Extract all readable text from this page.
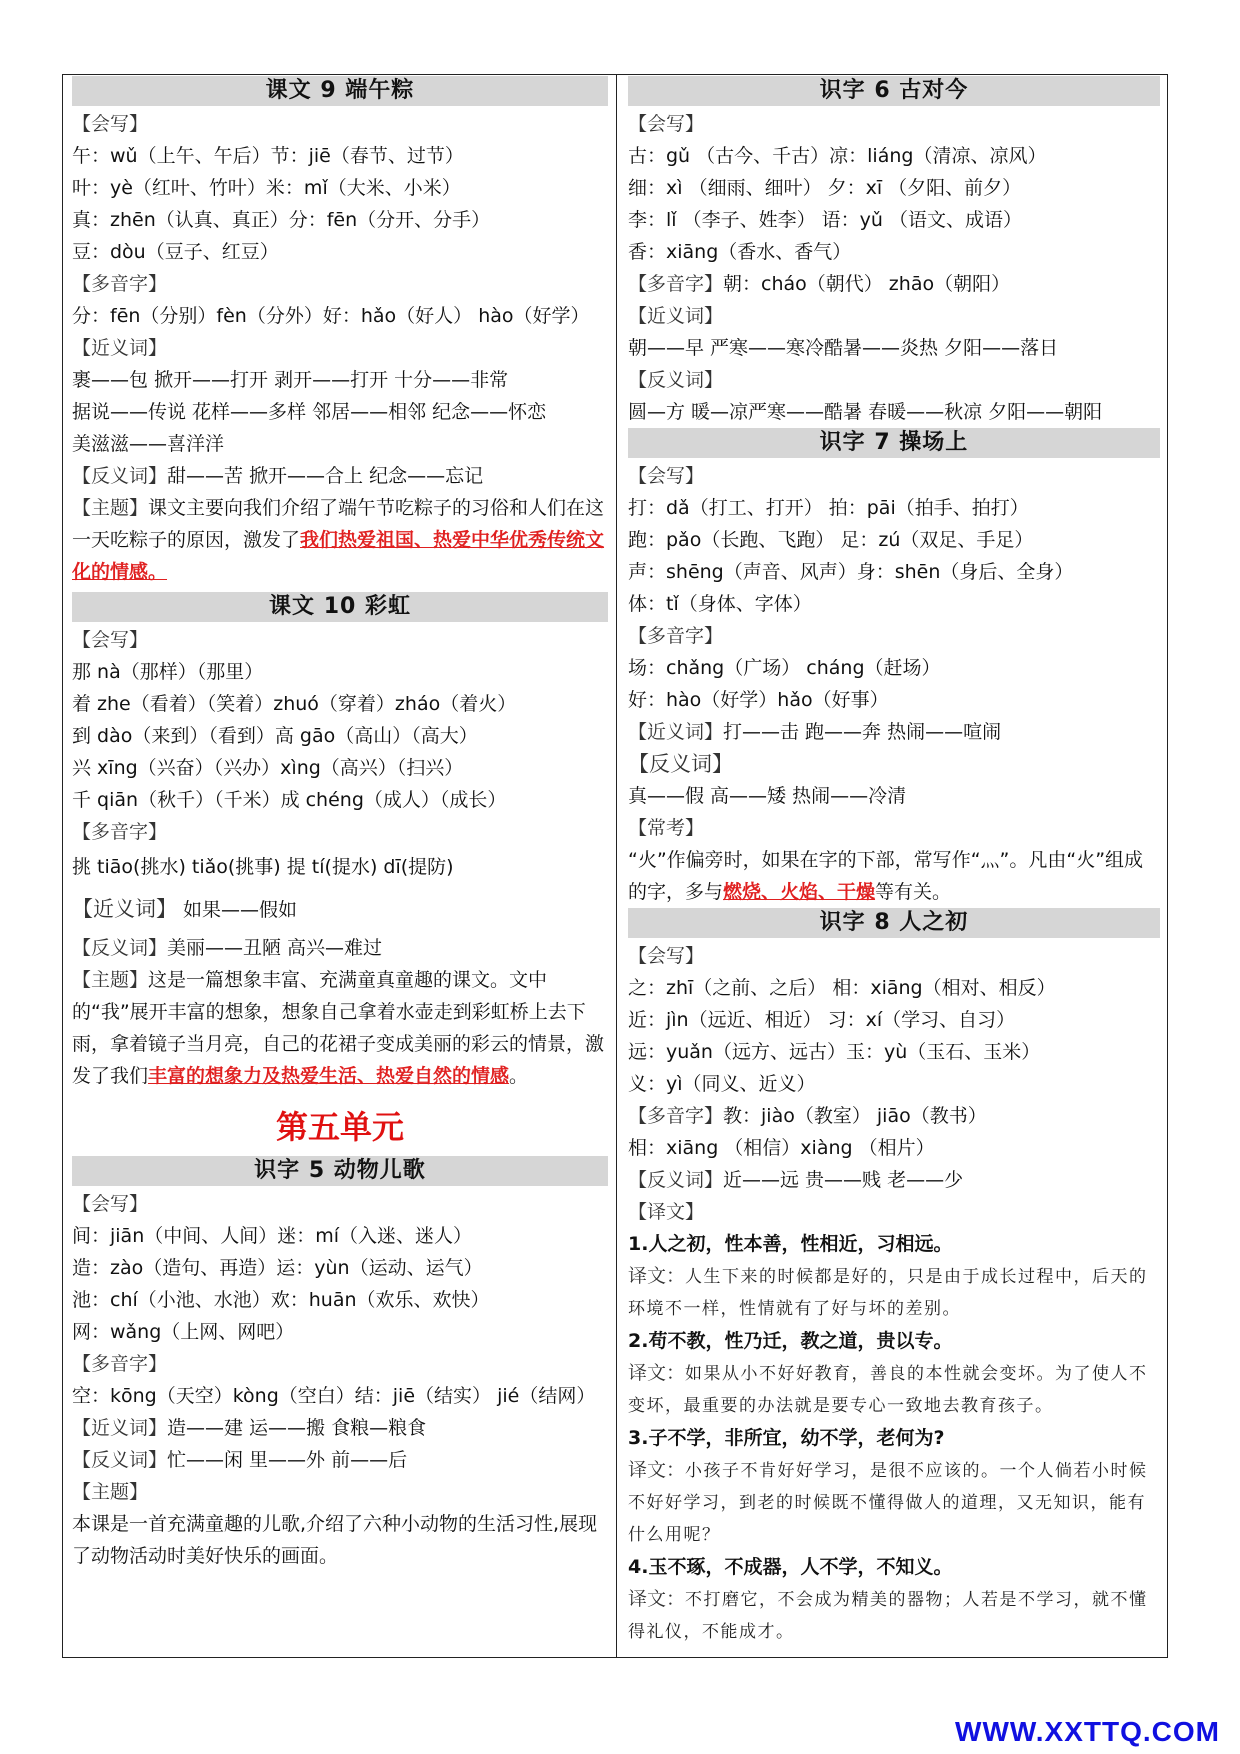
课文 9 端午粽
【会写】
午：wǔ（上午、午后）节：jiē（春节、过节）
叶：yè（红叶、竹叶）米：mǐ（大米、小米）
真：zhēn（认真、真正）分：fēn（分开、分手）
豆：dòu（豆子、红豆）
【多音字】
分：fēn（分别）fèn（分外）好：hǎo（好人） hào（好学）
【近义词】
裹——包 掀开——打开 剥开——打开 十分——非常
据说——传说 花样——多样 邻居——相邻 纪念——怀恋
美滋滋——喜洋洋
【反义词】甜——苦 掀开——合上 纪念——忘记
【主题】课文主要向我们介绍了端午节吃粽子的习俗和人们在这一天吃粽子的原因，激发了我们热爱祖国、热爱中华优秀传统文化的情感。
课文 10 彩虹
【会写】
那 nà（那样）（那里）
着 zhe（看着）（笑着）zhuó（穿着）zháo（着火）
到 dào（来到）（看到）高 gāo（高山）（高大）
兴 xīng（兴奋）（兴办）xìng（高兴）（扫兴）
千 qiān（秋千）（千米）成 chéng（成人）（成长）
【多音字】
挑 tiāo(挑水) tiǎo(挑事) 提 tí(提水) dī(提防)
【近义词】 如果——假如
【反义词】美丽——丑陋 高兴—难过
【主题】这是一篇想象丰富、充满童真童趣的课文。文中的“我”展开丰富的想象，想象自己拿着水壶走到彩虹桥上去下雨，拿着镜子当月亮，自己的花裙子变成美丽的彩云的情景，激发了我们丰富的想象力及热爱生活、热爱自然的情感。
第五单元
识字 5 动物儿歌
【会写】
间：jiān（中间、人间）迷：mí（入迷、迷人）
造：zào（造句、再造）运：yùn（运动、运气）
池：chí（小池、水池）欢：huān（欢乐、欢快）
网：wǎng（上网、网吧）
【多音字】
空：kōng（天空）kòng（空白）结：jiē（结实） jié（结网）
【近义词】造——建 运——搬 食粮—粮食
【反义词】忙——闲 里——外 前——后
【主题】
本课是一首充满童趣的儿歌,介绍了六种小动物的生活习性,展现了动物活动时美好快乐的画面。
识字 6 古对今
【会写】
古：gǔ （古今、千古）凉：liáng（清凉、凉风）
细：xì （细雨、细叶） 夕：xī （夕阳、前夕）
李：lǐ （李子、姓李） 语：yǔ （语文、成语）
香：xiāng（香水、香气）
【多音字】朝：cháo（朝代） zhāo（朝阳）
【近义词】
朝——早 严寒——寒冷酷暑——炎热 夕阳——落日
【反义词】
圆—方 暖—凉严寒——酷暑 春暖——秋凉 夕阳——朝阳
识字 7 操场上
【会写】
打：dǎ（打工、打开） 拍：pāi（拍手、拍打）
跑：pǎo（长跑、飞跑） 足：zú（双足、手足）
声：shēng（声音、风声）身：shēn（身后、全身）
体：tǐ（身体、字体）
【多音字】
场：chǎng（广场） cháng（赶场）
好：hào（好学）hǎo（好事）
【近义词】打——击 跑——奔 热闹——喧闹
【反义词】
真——假 高——矮 热闹——冷清
【常考】
“火”作偏旁时，如果在字的下部，常写作“灬”。凡由“火”组成的字，多与燃烧、火焰、干燥等有关。
识字 8 人之初
【会写】
之：zhī（之前、之后） 相：xiāng（相对、相反）
近：jìn（远近、相近） 习：xí（学习、自习）
远：yuǎn（远方、远古）玉：yù（玉石、玉米）
义：yì（同义、近义）
【多音字】教：jiào（教室） jiāo（教书）
相：xiāng （相信）xiàng （相片）
【反义词】近——远 贵——贱 老——少
【译文】
1.人之初，性本善，性相近，习相远。
译文：人生下来的时候都是好的，只是由于成长过程中，后天的环境不一样，性情就有了好与坏的差别。
2.苟不教，性乃迁，教之道，贵以专。
译文：如果从小不好好教育，善良的本性就会变坏。为了使人不变坏，最重要的办法就是要专心一致地去教育孩子。
3.子不学，非所宜，幼不学，老何为?
译文：小孩子不肯好好学习，是很不应该的。一个人倘若小时候不好好学习，到老的时候既不懂得做人的道理，又无知识，能有什么用呢？
4.玉不琢，不成器，人不学，不知义。
译文：不打磨它，不会成为精美的器物；人若是不学习，就不懂得礼仪，不能成才。
WWW.XXTTQ.COM
